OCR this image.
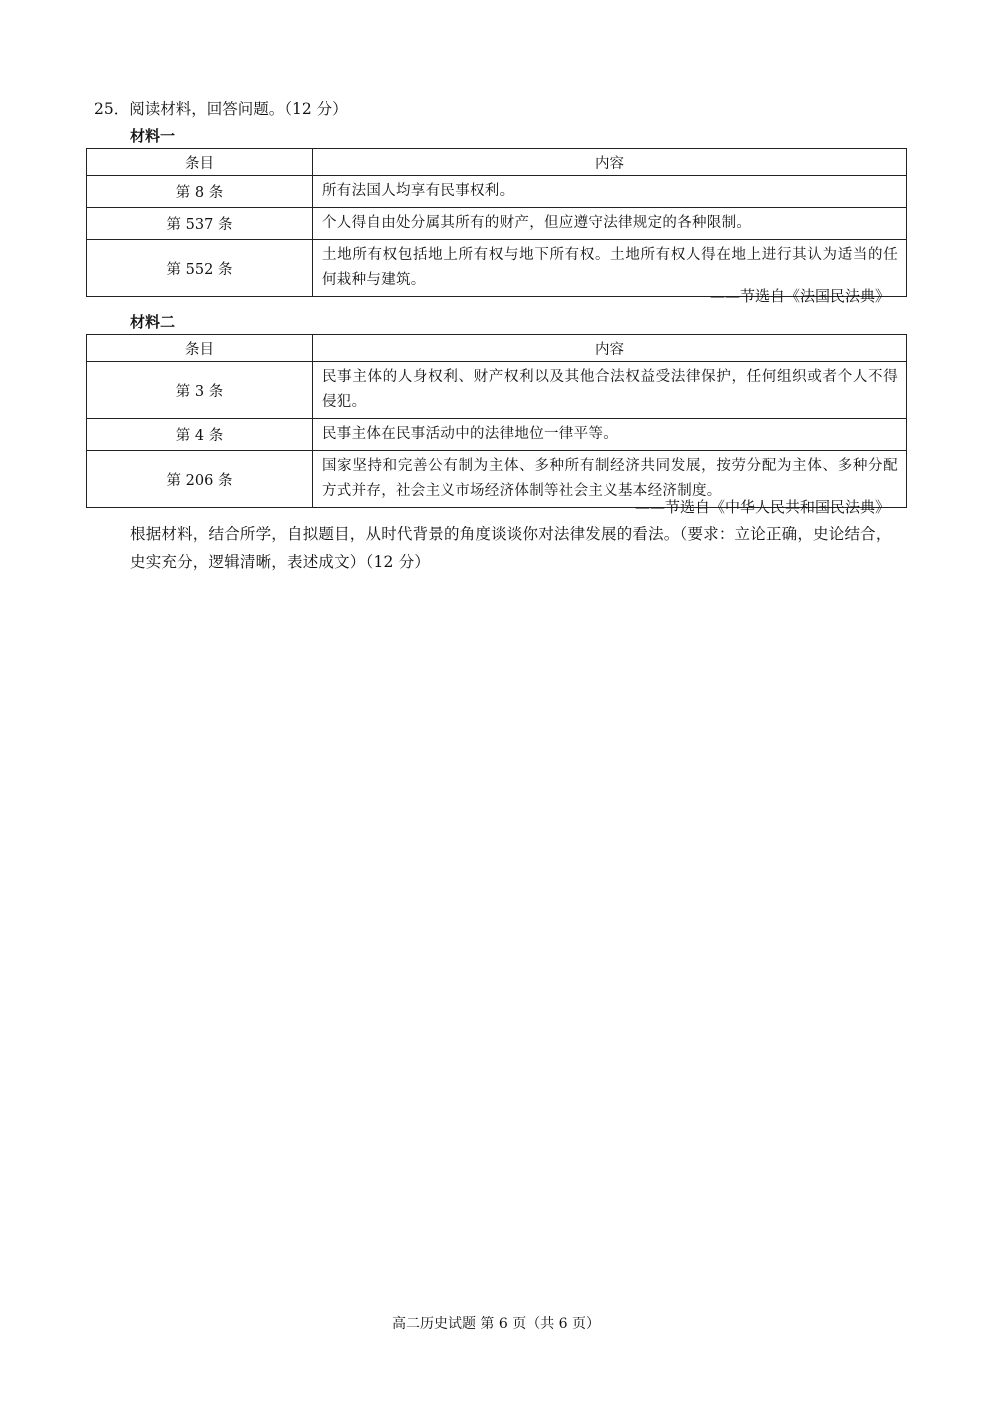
25．阅读材料，回答问题。（12 分）
材料一
条目	内容
第 8 条	所有法国人均享有民事权利。
第 537 条	个人得自由处分属其所有的财产，但应遵守法律规定的各种限制。
第 552 条	土地所有权包括地上所有权与地下所有权。土地所有权人得在地上进行其认为适当的任何栽种与建筑。
——节选自《法国民法典》
材料二
条目	内容
第 3 条	民事主体的人身权利、财产权利以及其他合法权益受法律保护，任何组织或者个人不得侵犯。
第 4 条	民事主体在民事活动中的法律地位一律平等。
第 206 条	国家坚持和完善公有制为主体、多种所有制经济共同发展，按劳分配为主体、多种分配方式并存，社会主义市场经济体制等社会主义基本经济制度。
——节选自《中华人民共和国民法典》
根据材料，结合所学，自拟题目，从时代背景的角度谈谈你对法律发展的看法。（要求：立论正确，史论结合，史实充分，逻辑清晰，表述成文）（12 分）
高二历史试题 第 6 页（共 6 页）
